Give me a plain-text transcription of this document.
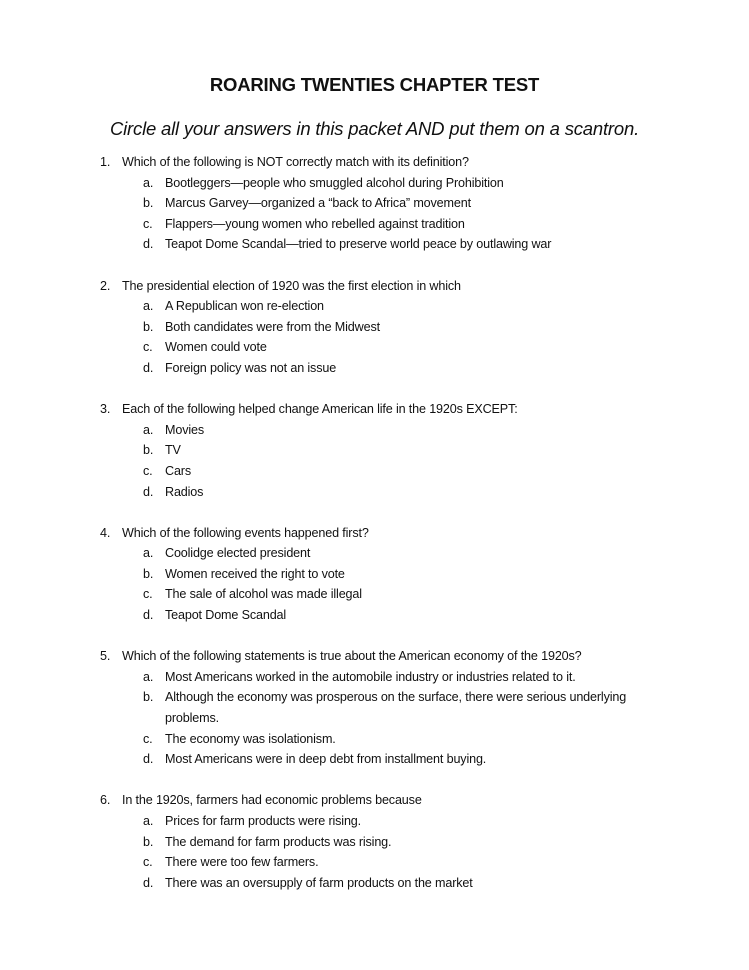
ROARING TWENTIES CHAPTER TEST
Circle all your answers in this packet AND put them on a scantron.
1. Which of the following is NOT correctly match with its definition?
a. Bootleggers—people who smuggled alcohol during Prohibition
b. Marcus Garvey—organized a “back to Africa” movement
c. Flappers—young women who rebelled against tradition
d. Teapot Dome Scandal—tried to preserve world peace by outlawing war
2. The presidential election of 1920 was the first election in which
a. A Republican won re-election
b. Both candidates were from the Midwest
c. Women could vote
d. Foreign policy was not an issue
3. Each of the following helped change American life in the 1920s EXCEPT:
a. Movies
b. TV
c. Cars
d. Radios
4. Which of the following events happened first?
a. Coolidge elected president
b. Women received the right to vote
c. The sale of alcohol was made illegal
d. Teapot Dome Scandal
5. Which of the following statements is true about the American economy of the 1920s?
a. Most Americans worked in the automobile industry or industries related to it.
b. Although the economy was prosperous on the surface, there were serious underlying problems.
c. The economy was isolationism.
d. Most Americans were in deep debt from installment buying.
6. In the 1920s, farmers had economic problems because
a. Prices for farm products were rising.
b. The demand for farm products was rising.
c. There were too few farmers.
d. There was an oversupply of farm products on the market
